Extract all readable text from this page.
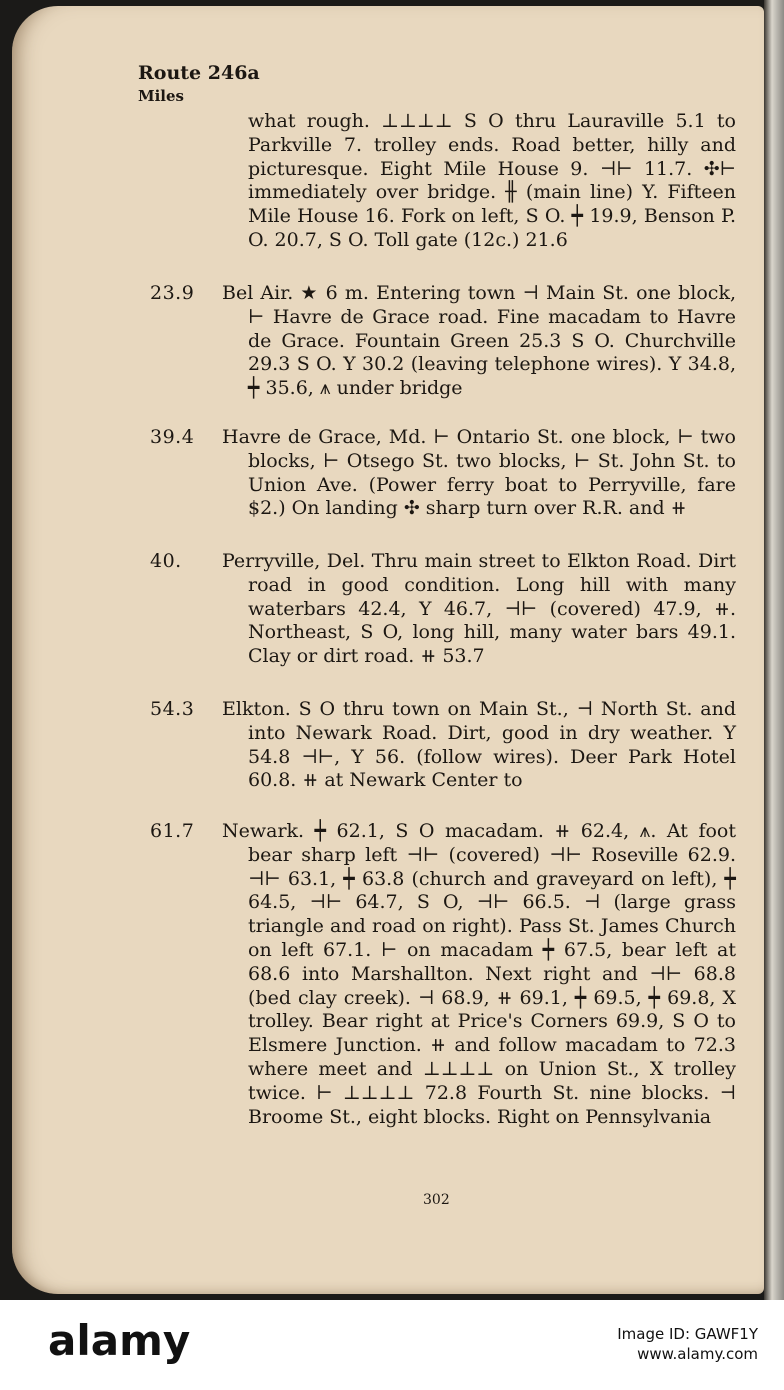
Route 246a
Miles
what rough. ⊥⊥⊥⊥ S O thru Lauraville 5.1 to Parkville 7. trolley ends. Road better, hilly and picturesque. Eight Mile House 9. ⊣⊢ 11.7. ✣⊢ immediately over bridge. ╫ (main line) Y. Fifteen Mile House 16. Fork on left, S O. ┿ 19.9, Benson P. O. 20.7, S O. Toll gate (12c.) 21.6
23.9 Bel Air. ★ 6 m. Entering town ⊣ Main St. one block, ⊢ Havre de Grace road. Fine macadam to Havre de Grace. Fountain Green 25.3 S O. Churchville 29.3 S O. Y 30.2 (leaving telephone wires). Y 34.8, ┿ 35.6, ⩚ under bridge
39.4 Havre de Grace, Md. ⊢ Ontario St. one block, ⊢ two blocks, ⊢ Otsego St. two blocks, ⊢ St. John St. to Union Ave. (Power ferry boat to Perryville, fare $2.) On landing ✣ sharp turn over R.R. and ⧺
40. Perryville, Del. Thru main street to Elkton Road. Dirt road in good condition. Long hill with many waterbars 42.4, Y 46.7, ⊣⊢ (covered) 47.9, ⧺. Northeast, S O, long hill, many water bars 49.1. Clay or dirt road. ⧺ 53.7
54.3 Elkton. S O thru town on Main St., ⊣ North St. and into Newark Road. Dirt, good in dry weather. Y 54.8 ⊣⊢, Y 56. (follow wires). Deer Park Hotel 60.8. ⧺ at Newark Center to
61.7 Newark. ┿ 62.1, S O macadam. ⧺ 62.4, ⩚. At foot bear sharp left ⊣⊢ (covered) ⊣⊢ Roseville 62.9. ⊣⊢ 63.1, ┿ 63.8 (church and graveyard on left), ┿ 64.5, ⊣⊢ 64.7, S O, ⊣⊢ 66.5. ⊣ (large grass triangle and road on right). Pass St. James Church on left 67.1. ⊢ on macadam ┿ 67.5, bear left at 68.6 into Marshallton. Next right and ⊣⊢ 68.8 (bed clay creek). ⊣ 68.9, ⧺ 69.1, ┿ 69.5, ┿ 69.8, X trolley. Bear right at Price's Corners 69.9, S O to Elsmere Junction. ⧺ and follow macadam to 72.3 where meet and ⊥⊥⊥⊥ on Union St., X trolley twice. ⊢ ⊥⊥⊥⊥ 72.8 Fourth St. nine blocks. ⊣ Broome St., eight blocks. Right on Pennsylvania
302
alamy	Image ID: GAWF1Y
www.alamy.com
